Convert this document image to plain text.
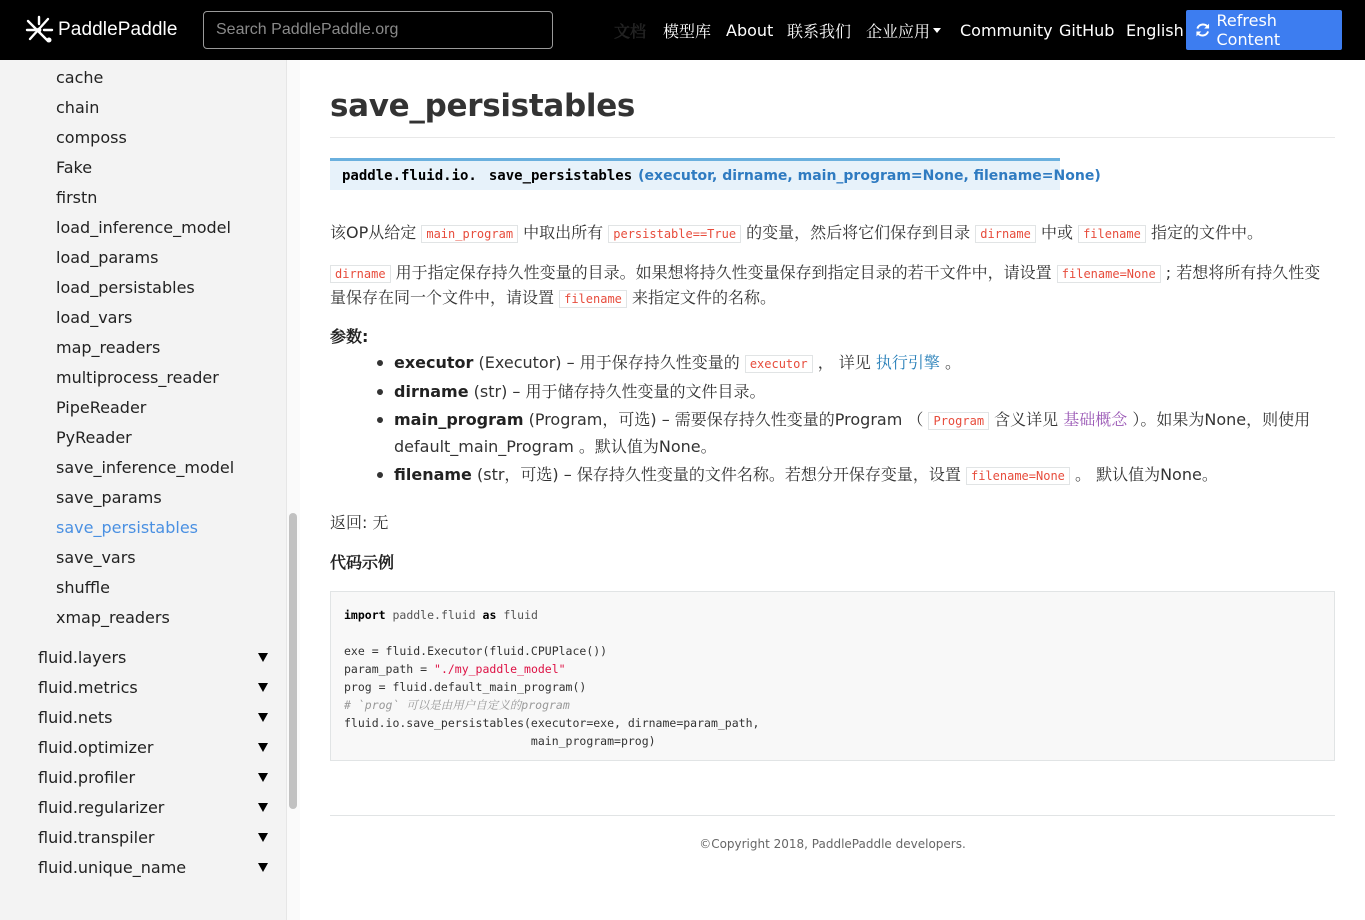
PaddlePaddle
Search PaddlePaddle.org	文档 模型库 About 联系我们 企业应用 Community GitHub English Refresh Content
cache
chain
composs
Fake
firstn
load_inference_model
load_params
load_persistables
load_vars
map_readers
multiprocess_reader
PipeReader
PyReader
save_inference_model
save_params
save_persistables
save_vars
shuffle
xmap_readers
fluid.layers
fluid.metrics
fluid.nets
fluid.optimizer
fluid.profiler
fluid.regularizer
fluid.transpiler
fluid.unique_name
save_persistables
paddle.fluid.io. save_persistables (executor, dirname, main_program=None, filename=None)

该OP从给定 main_program 中取出所有 persistable==True 的变量，然后将它们保存到目录 dirname 中或 filename 指定的文件中。

dirname 用于指定保存持久性变量的目录。如果想将持久性变量保存到指定目录的若干文件中，请设置 filename=None ; 若想将所有持久性变量保存在同一个文件中，请设置 filename 来指定文件的名称。

参数:

executor (Executor) – 用于保存持久性变量的 executor ， 详见 执行引擎 。
dirname (str) – 用于储存持久性变量的文件目录。
main_program (Program，可选) – 需要保存持久性变量的Program （ Program 含义详见 基础概念 ）。如果为None，则使用default_main_Program 。默认值为None。
filename (str，可选) – 保存持久性变量的文件名称。若想分开保存变量，设置 filename=None 。 默认值为None。

返回: 无

代码示例

import paddle.fluid as fluid
exe = fluid.Executor(fluid.CPUPlace())
param_path = "./my_paddle_model"
prog = fluid.default_main_program()
# `prog` 可以是由用户自定义的program
fluid.io.save_persistables(executor=exe, dirname=param_path,
main_program=prog)
©Copyright 2018, PaddlePaddle developers.
